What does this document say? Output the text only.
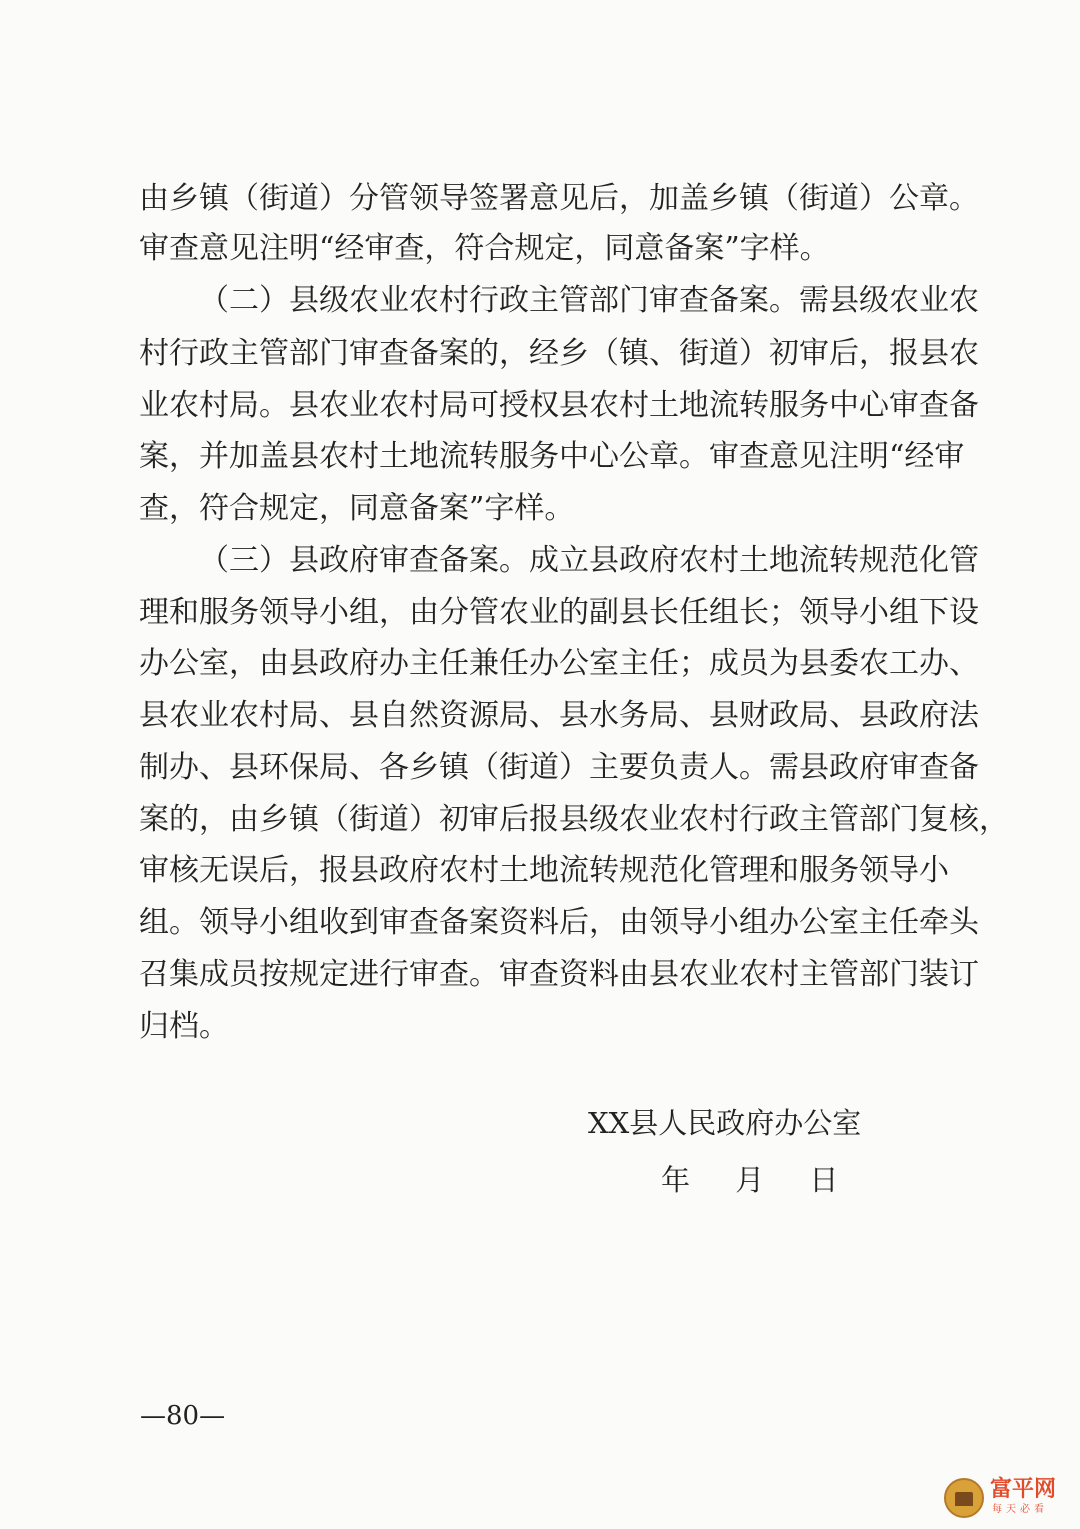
由乡镇（街道）分管领导签署意见后，加盖乡镇（街道）公章。
审查意见注明“经审查，符合规定，同意备案”字样。
（二）县级农业农村行政主管部门审查备案。需县级农业农
村行政主管部门审查备案的，经乡（镇、街道）初审后，报县农
业农村局。县农业农村局可授权县农村土地流转服务中心审查备
案，并加盖县农村土地流转服务中心公章。审查意见注明“经审
查，符合规定，同意备案”字样。
（三）县政府审查备案。成立县政府农村土地流转规范化管
理和服务领导小组，由分管农业的副县长任组长；领导小组下设
办公室，由县政府办主任兼任办公室主任；成员为县委农工办、
县农业农村局、县自然资源局、县水务局、县财政局、县政府法
制办、县环保局、各乡镇（街道）主要负责人。需县政府审查备
案的，由乡镇（街道）初审后报县级农业农村行政主管部门复核，
审核无误后，报县政府农村土地流转规范化管理和服务领导小
组。领导小组收到审查备案资料后，由领导小组办公室主任牵头
召集成员按规定进行审查。审查资料由县农业农村主管部门装订
归档。
XX县人民政府办公室
年 月 日
—80—
富平网
每天必看
